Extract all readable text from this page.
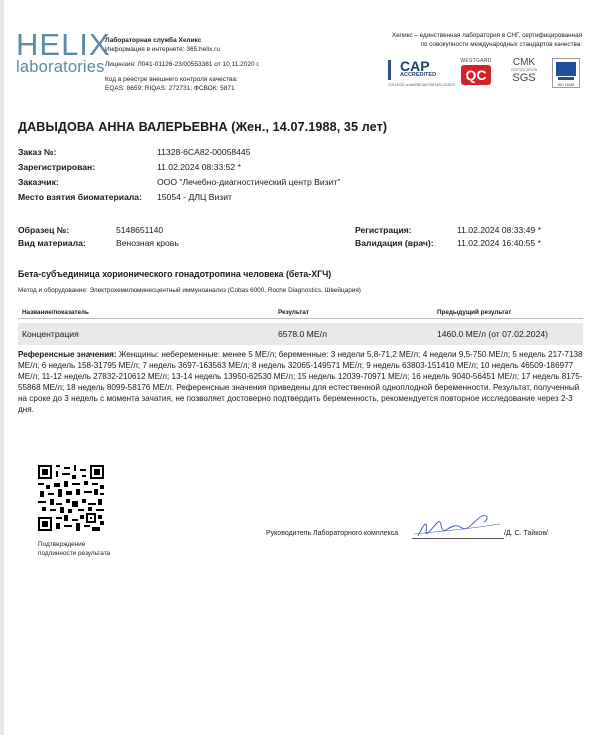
HELIX
laboratories
Лабораторная служба Хеликс
Информация в интернете: 365.helix.ru
Лицензия: Л041-01126-23/00553381 от 10.11.2020 г.
Код в реестре внешнего контроля качества:
EQAS: 8659; RIQAS: 272731; ФСВОК: 5871
Хеликс – единственная лаборатория в СНГ, сертифицированная
по совокупности международных стандартов качества:
CAP
ACCREDITED
COLLEGE of AMERICAN PATHOLOGISTS
WESTGARD
QC
CMK
CERTIFICATION
SGS
ISO 15189
ДАВЫДОВА АННА ВАЛЕРЬЕВНА (Жен., 14.07.1988, 35 лет)
Заказ №:	11328-6CA82-00058445
Зарегистрирован:	11.02.2024 08:33:52 *
Заказчик:	ООО "Лечебно-диагностический центр Визит"
Место взятия биоматериала: 15054 - ДЛЦ Визит
Образец №:	5148651140
Вид материала:	Венозная кровь
Регистрация:	11.02.2024 08:33:49 *
Валидация (врач):	11.02.2024 16:40:55 *
Бета-субъединица хорионического гонадотропина человека (бета-ХГЧ)
Метод и оборудование: Электрохемилюминесцентный иммуноанализ (Cobas 6000, Roche Diagnostics, Швейцария)
Название/показатель	Результат	Предыдущий результат
Концентрация	6578.0 МЕ/л	1460.0 МЕ/л (от 07.02.2024)
Референсные значения: Женщины: небеременные: менее 5 МЕ/л; беременные: 3 недели 5,8-71,2 МЕ/л; 4 недели 9,5-750 МЕ/л; 5 недель 217-7138 МЕ/л; 6 недель 158-31795 МЕ/л; 7 недель 3697-163563 МЕ/л; 8 недель 32065-149571 МЕ/л; 9 недель 63803-151410 МЕ/л; 10 недель 46509-186977 МЕ/л; 11-12 недель 27832-210612 МЕ/л; 13-14 недель 13950-62530 МЕ/л; 15 недель 12039-70971 МЕ/л; 16 недель 9040-56451 МЕ/л; 17 недель 8175-55868 МЕ/л; 18 недель 8099-58176 МЕ/л. Референсные значения приведены для естественной одноплодной беременности. Результат, полученный на сроке до 3 недель с момента зачатия, не позволяет достоверно подтвердить беременность, рекомендуется повторное исследование через 2-3 дня.
Подтверждение
подлинности результата
Руководитель Лабораторного комплекса	/Д. С. Тайков/
